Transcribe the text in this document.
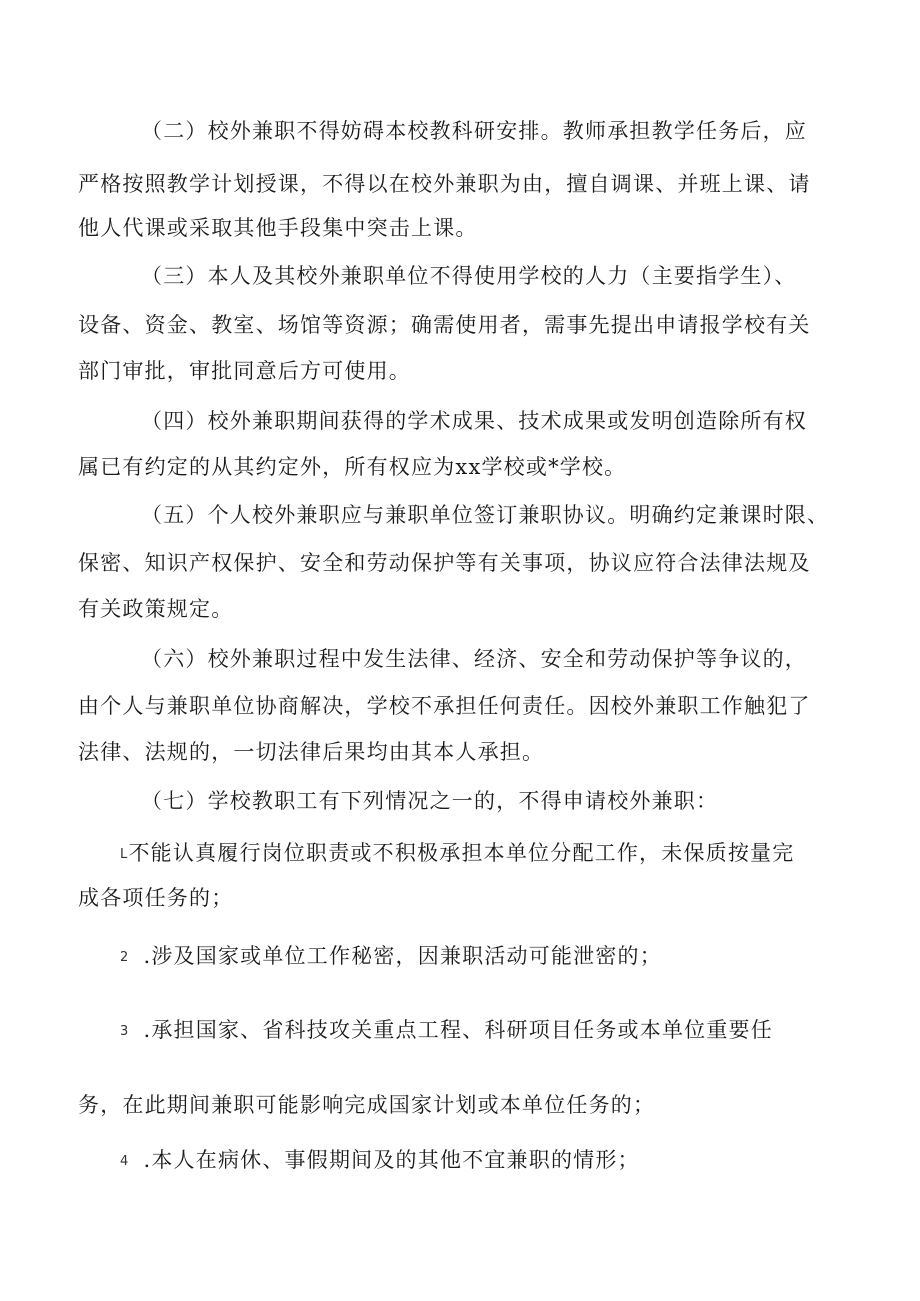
（二）校外兼职不得妨碍本校教科研安排。教师承担教学任务后，应
严格按照教学计划授课，不得以在校外兼职为由，擅自调课、并班上课、请
他人代课或采取其他手段集中突击上课。
（三）本人及其校外兼职单位不得使用学校的人力（主要指学生）、
设备、资金、教室、场馆等资源；确需使用者，需事先提出申请报学校有关
部门审批，审批同意后方可使用。
（四）校外兼职期间获得的学术成果、技术成果或发明创造除所有权
属已有约定的从其约定外，所有权应为xx学校或*学校。
（五）个人校外兼职应与兼职单位签订兼职协议。明确约定兼课时限、
保密、知识产权保护、安全和劳动保护等有关事项，协议应符合法律法规及
有关政策规定。
（六）校外兼职过程中发生法律、经济、安全和劳动保护等争议的，
由个人与兼职单位协商解决，学校不承担任何责任。因校外兼职工作触犯了
法律、法规的，一切法律后果均由其本人承担。
（七）学校教职工有下列情况之一的，不得申请校外兼职：
L不能认真履行岗位职责或不积极承担本单位分配工作，未保质按量完
成各项任务的；
2 .涉及国家或单位工作秘密，因兼职活动可能泄密的；
3 .承担国家、省科技攻关重点工程、科研项目任务或本单位重要任
务，在此期间兼职可能影响完成国家计划或本单位任务的；
4 .本人在病休、事假期间及的其他不宜兼职的情形；
